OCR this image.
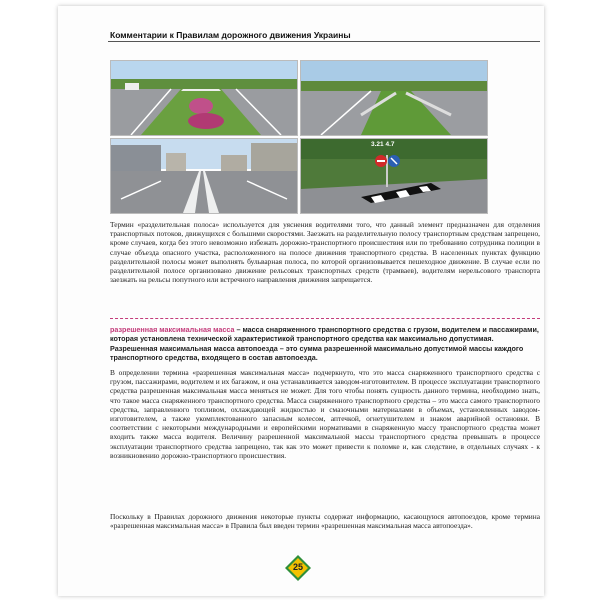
Комментарии к Правилам дорожного движения Украины
3.21 4.7
Термин «разделительная полоса» используется для уяснения водителями того, что данный элемент предназначен для отделения транспортных потоков, движущихся с большими скоростями. Заезжать на разделительную полосу транспортным средствам запрещено, кроме случаев, когда без этого невозможно избежать дорожно-транспортного происшествия или по требованию сотрудника полиции в случае объезда опасного участка, расположенного на полосе движения транспортного средства. В населенных пунктах функцию разделительной полосы может выполнять бульварная полоса, по которой организовывается пешеходное движение. В случае если по разделительной полосе организовано движение рельсовых транспортных средств (трамваев), водителям нерельсового транспорта заезжать на рельсы попутного или встречного направления движения запрещается.
разрешенная максимальная масса – масса снаряженного транспортного средства с грузом, водителем и пассажирами, которая установлена технической характеристикой транспортного средства как максимально допустимая. Разрешенная максимальная масса автопоезда – это сумма разрешенной максимально допустимой массы каждого транспортного средства, входящего в состав автопоезда.
В определении термина «разрешенная максимальная масса» подчеркнуто, что это масса снаряженного транспортного средства с грузом, пассажирами, водителем и их багажом, и она устанавливается заводом-изготовителем. В процессе эксплуатации транспортного средства разрешенная максимальная масса меняться не может. Для того чтобы понять сущность данного термина, необходимо знать, что такое масса снаряженного транспортного средства. Масса снаряженного транспортного средства – это масса самого транспортного средства, заправленного топливом, охлаждающей жидкостью и смазочными материалами в объемах, установленных заводом-изготовителем, а также укомплектованного запасным колесом, аптечкой, огнетушителем и знаком аварийной остановки. В соответствии с некоторыми международными и европейскими нормативами в снаряженную массу транспортного средства может входить также масса водителя. Величину разрешенной максимальной массы транспортного средства превышать в процессе эксплуатации транспортного средства запрещено, так как это может привести к поломке и, как следствие, в отдельных случаях - к возникновению дорожно-транспортного происшествия.
Поскольку в Правилах дорожного движения некоторые пункты содержат информацию, касающуюся автопоездов, кроме термина «разрешенная максимальная масса» в Правила был введен термин «разрешенная максимальная масса автопоезда».
25
